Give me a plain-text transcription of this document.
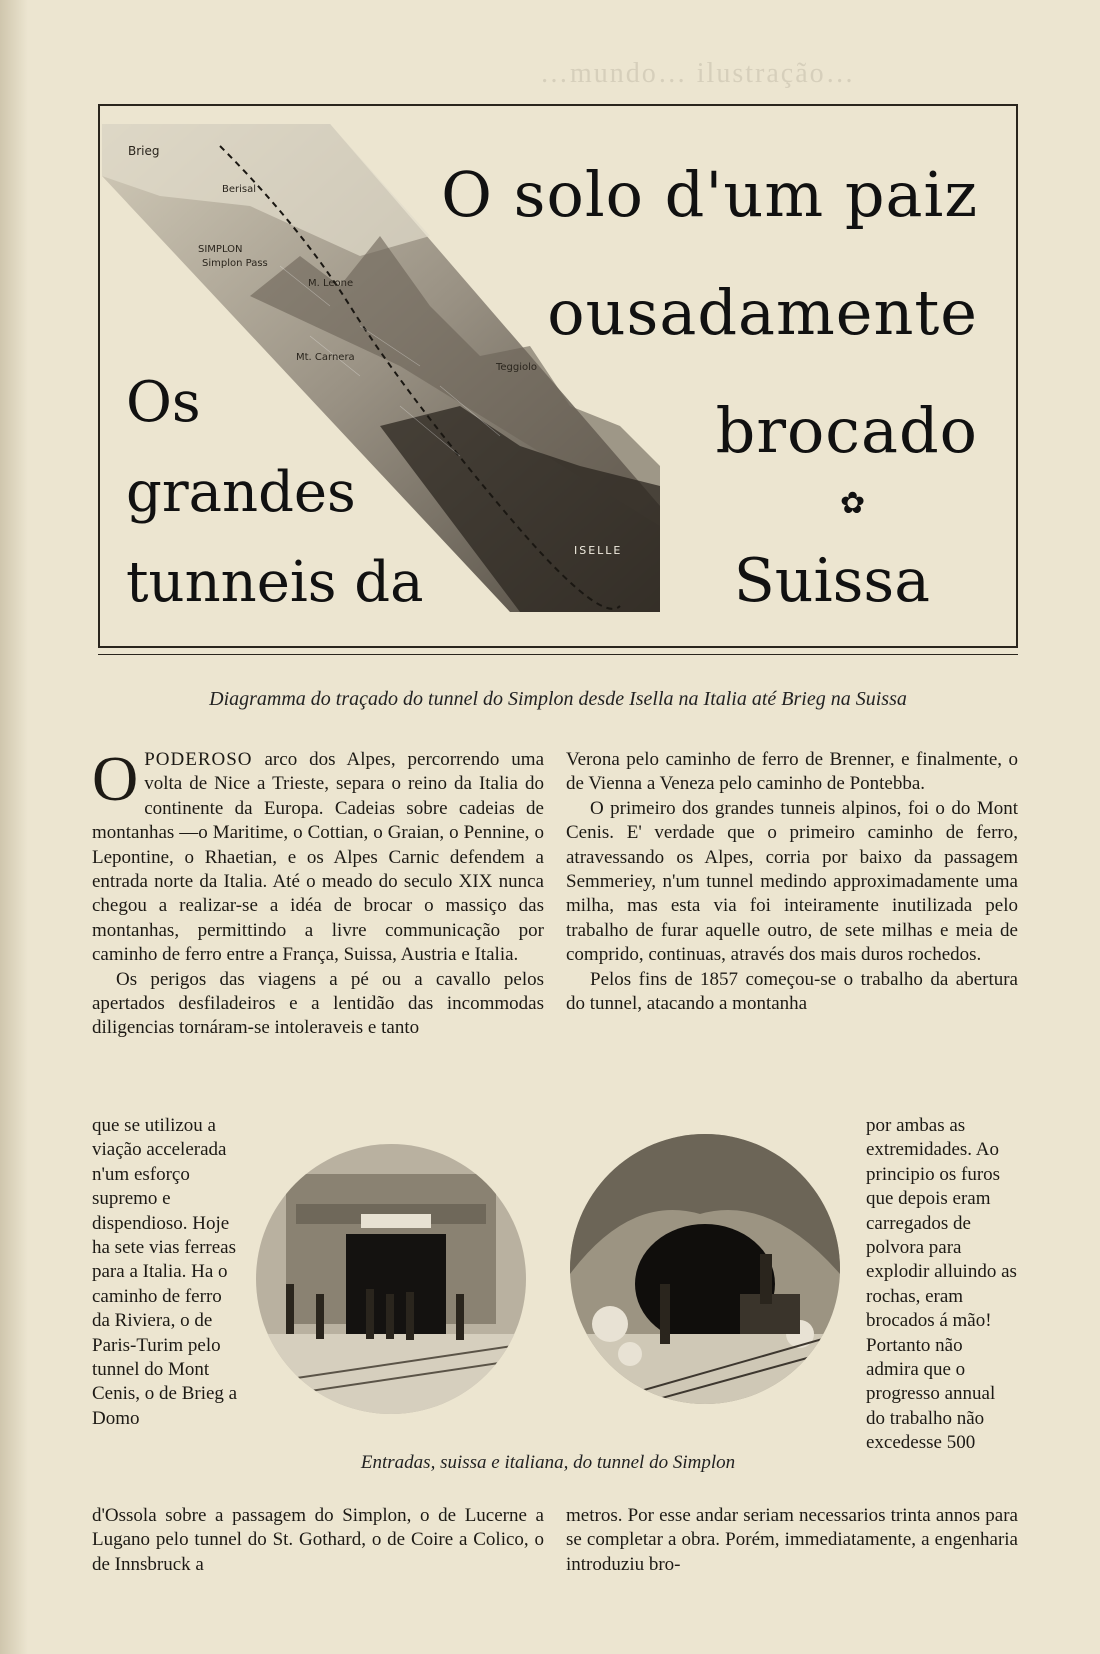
…mundo… ilustração…
Brieg
Berisal
SIMPLON
Simplon Pass
M. Leone
Mt. Carnera
Teggiolo
ISELLE
O solo d'um paiz
ousadamente
brocado
✿
Suissa
Os
grandes
tunneis da
Diagramma do traçado do tunnel do Simplon desde Isella na Italia até Brieg na Suissa

OPODEROSO arco dos Alpes, percorrendo uma volta de Nice a Trieste, separa o reino da Italia do continente da Europa. Cadeias sobre cadeias de montanhas —o Maritime, o Cottian, o Graian, o Pennine, o Lepontine, o Rhaetian, e os Alpes Carnic defendem a entrada norte da Italia. Até o meado do seculo XIX nunca chegou a realizar-se a idéa de brocar o massiço das montanhas, permittindo a livre communicação por caminho de ferro entre a França, Suissa, Austria e Italia.

Os perigos das viagens a pé ou a cavallo pelos apertados desfiladeiros e a lentidão das incommodas diligencias tornáram-se intoleraveis e tanto

que se utilizou a viação accelerada n'um esforço supremo e dispendioso. Hoje ha sete vias ferreas para a Italia. Ha o caminho de ferro da Riviera, o de Paris-Turim pelo tunnel do Mont Cenis, o de Brieg a Domo
d'Ossola sobre a passagem do Simplon, o de Lucerne a Lugano pelo tunnel do St. Gothard, o de Coire a Colico, o de Innsbruck a

Verona pelo caminho de ferro de Brenner, e finalmente, o de Vienna a Veneza pelo caminho de Pontebba.

O primeiro dos grandes tunneis alpinos, foi o do Mont Cenis. E' verdade que o primeiro caminho de ferro, atravessando os Alpes, corria por baixo da passagem Semmeriey, n'um tunnel medindo approximadamente uma milha, mas esta via foi inteiramente inutilizada pelo trabalho de furar aquelle outro, de sete milhas e meia de comprido, continuas, através dos mais duros rochedos.

Pelos fins de 1857 começou-se o trabalho da abertura do tunnel, atacando a montanha

por ambas as extremidades. Ao principio os furos que depois eram carregados de polvora para explodir alluindo as rochas, eram brocados á mão! Portanto não admira que o progresso annual do trabalho não excedesse 500
metros. Por esse andar seriam necessarios trinta annos para se completar a obra. Porém, immediatamente, a engenharia introduziu bro-
Entradas, suissa e italiana, do tunnel do Simplon
